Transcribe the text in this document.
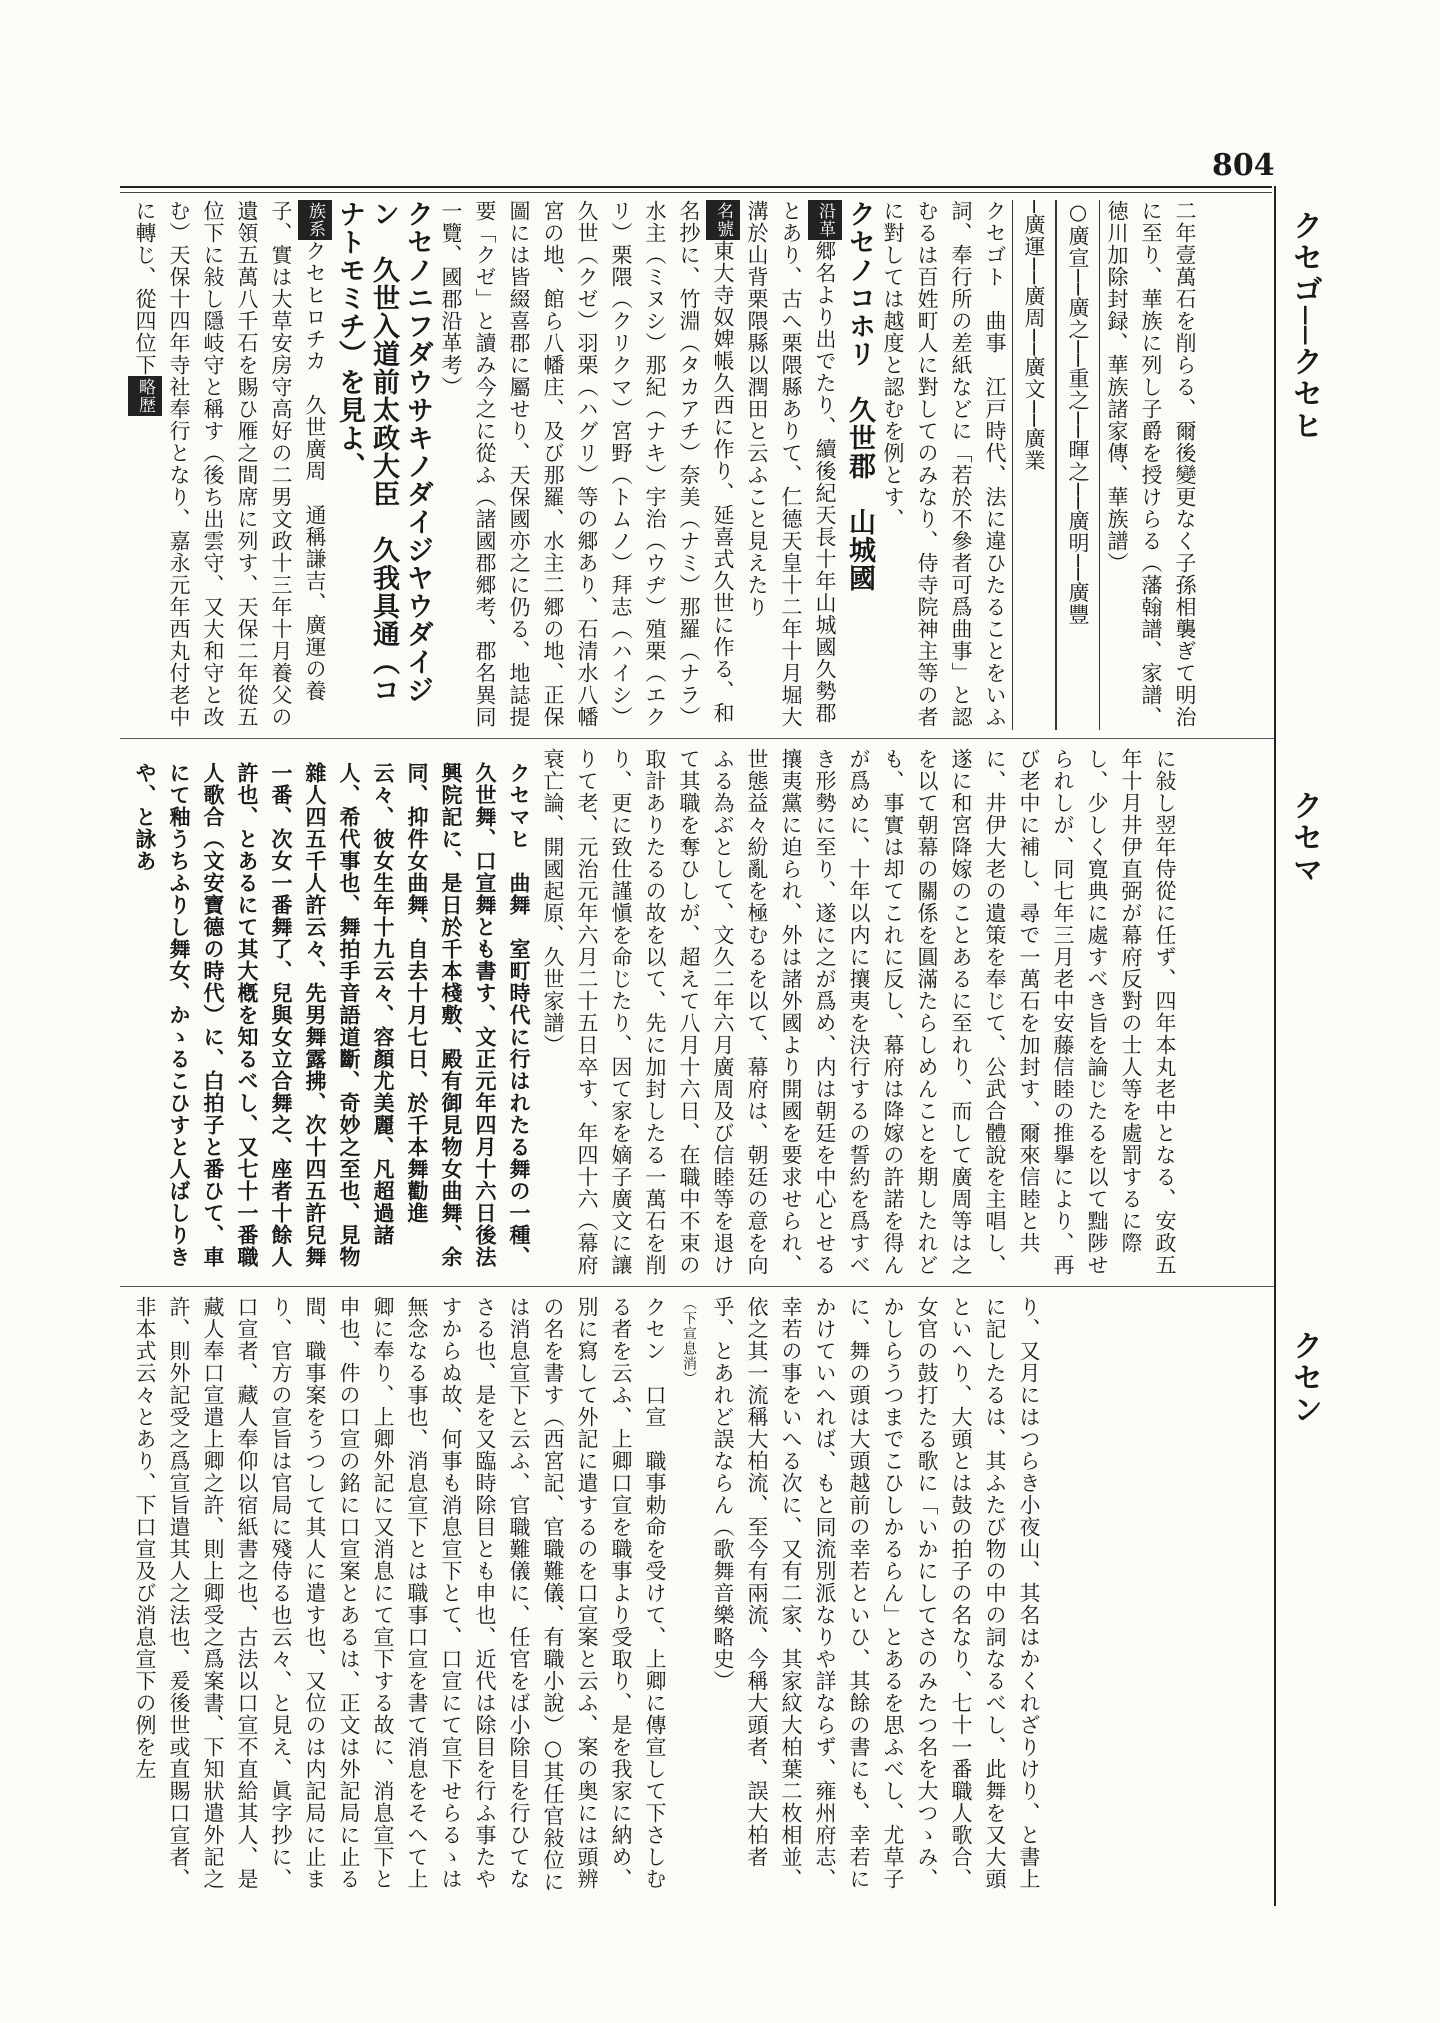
804
クセゴ──クセヒ
クセマ
クセン

二年壹萬石を削らる、爾後變更なく子孫相襲ぎて明治に至り、華族に列し子爵を授けらる（藩翰譜、家譜、徳川加除封録、華族諸家傳、華族譜）

○廣宣──廣之──重之──暉之──廣明──廣豐

─廣運──廣周──廣文──廣業

クセゴト　曲事　江戸時代、法に違ひたることをいふ詞、奉行所の差紙などに「若於不參者可爲曲事」と認むるは百姓町人に對してのみなり、侍寺院神主等の者に對しては越度と認むを例とす、

クセノコホリ　久世郡　山城國

沿革郷名より出でたり、續後紀天長十年山城國久勢郡とあり、古へ栗隈縣ありて、仁德天皇十二年十月堀大溝於山背栗隈縣以潤田と云ふこと見えたり

名號東大寺奴婢帳久西に作り、延喜式久世に作る、和名抄に、竹淵（タカアチ）奈美（ナミ）那羅（ナラ）水主（ミヌシ）那紀（ナキ）宇治（ウヂ）殖栗（エクリ）栗隈（クリクマ）宮野（トムノ）拜志（ハイシ）久世（クゼ）羽栗（ハグリ）等の郷あり、石清水八幡宮の地、館ら八幡庄、及び那羅、水主二郷の地、正保圖には皆綴喜郡に屬せり、天保國亦之に仍る、地誌提要「クゼ」と讀み今之に從ふ（諸國郡郷考、郡名異同一覽、國郡沿革考）

クセノニフダウサキノダイジヤウダイジン　久世入道前太政大臣　久我具通（コ ナトモミチ）を見よ、

族系クセヒロチカ　久世廣周　通稱謙吉、廣運の養子、實は大草安房守高好の二男文政十三年十月養父の遺領五萬八千石を賜ひ雁之間席に列す、天保二年從五位下に敍し隱岐守と稱す（後ち出雲守、又大和守と改む）天保十四年寺社奉行となり、嘉永元年西丸付老中に轉じ、從四位下略歷

に敍し翌年侍從に任ず、四年本丸老中となる、安政五年十月井伊直弼が幕府反對の士人等を處罰するに際し、少しく寛典に處すべき旨を論じたるを以て黜陟せられしが、同七年三月老中安藤信睦の推擧により、再び老中に補し、尋で一萬石を加封す、爾來信睦と共に、井伊大老の遺策を奉じて、公武合體說を主唱し、遂に和宮降嫁のことあるに至れり、而して廣周等は之を以て朝幕の關係を圓滿たらしめんことを期したれども、事實は却てこれに反し、幕府は降嫁の許諾を得んが爲めに、十年以内に攘夷を決行するの誓約を爲すべき形勢に至り、遂に之が爲め、内は朝廷を中心とせる攘夷黨に迫られ、外は諸外國より開國を要求せられ、世態益々紛亂を極むるを以て、幕府は、朝廷の意を向ふる為ぶとして、文久二年六月廣周及び信睦等を退けて其職を奪ひしが、超えて八月十六日、在職中不束の取計ありたるの故を以て、先に加封したる一萬石を削り、更に致仕謹愼を命じたり、因て家を嫡子廣文に讓りて老、元治元年六月二十五日卒す、年四十六（幕府衰亡論、開國起原、久世家譜）

クセマヒ　曲舞　室町時代に行はれたる舞の一種、久世舞、口宣舞とも書す、文正元年四月十六日後法興院記に、是日於千本棧敷、殿有御見物女曲舞、余同、抑件女曲舞、自去十月七日、於千本舞勸進云々、彼女生年十九云々、容顏尤美麗、凡超過諸人、希代事也、舞拍手音語道斷、奇妙之至也、見物雜人四五千人許云々、先男舞露拂、次十四五許兒舞一番、次女一番舞了、兒與女立合舞之、座者十餘人許也、とあるにて其大槪を知るべし、又七十一番職人歌合（文安寶德の時代）に、白拍子と番ひて、車にて釉うちふりし舞女、かゝるこひすと人ばしりきや、と詠あ

り、又月にはつらき小夜山、其名はかくれざりけり、と書上に記したるは、其ふたび物の中の詞なるべし、此舞を又大頭といへり、大頭とは鼓の拍子の名なり、七十一番職人歌合、女官の鼓打たる歌に「いかにしてさのみたつ名を大つゝみ、かしらうつまでこひしかるらん」とあるを思ふべし、尤草子に、舞の頭は大頭越前の幸若といひ、其餘の書にも、幸若にかけていへれば、もと同流別派なりや詳ならず、雍州府志、幸若の事をいへる次に、又有二家、其家紋大柏葉二枚相並、依之其一流稱大柏流、至今有兩流、今稱大頭者、誤大柏者乎、とあれど誤ならん（歌舞音樂略史）

（下宣息消）

クセン　口宣　職事勅命を受けて、上卿に傳宣して下さしむる者を云ふ、上卿口宣を職事より受取り、是を我家に納め、別に寫して外記に遣するのを口宣案と云ふ、案の奥には頭辨の名を書す（西宮記、官職難儀、有職小說）○其任官敍位には消息宣下と云ふ、官職難儀に、任官をば小除目を行ひてなさる也、是を又臨時除目とも申也、近代は除目を行ふ事たやすからぬ故、何事も消息宣下とて、口宣にて宣下せらるゝは無念なる事也、消息宣下とは職事口宣を書て消息をそへて上卿に奉り、上卿外記に又消息にて宣下する故に、消息宣下と申也、件の口宣の銘に口宣案とあるは、正文は外記局に止る間、職事案をうつして其人に遣す也、又位のは内記局に止まり、官方の宣旨は官局に殘侍る也云々、と見え、眞字抄に、口宣者、藏人奉仰以宿紙書之也、古法以口宣不直給其人、是藏人奉口宣遣上卿之許、則上卿受之爲案書、下知狀遣外記之許、則外記受之爲宣旨遣其人之法也、爰後世或直賜口宣者、非本式云々とあり、下口宣及び消息宣下の例を左
